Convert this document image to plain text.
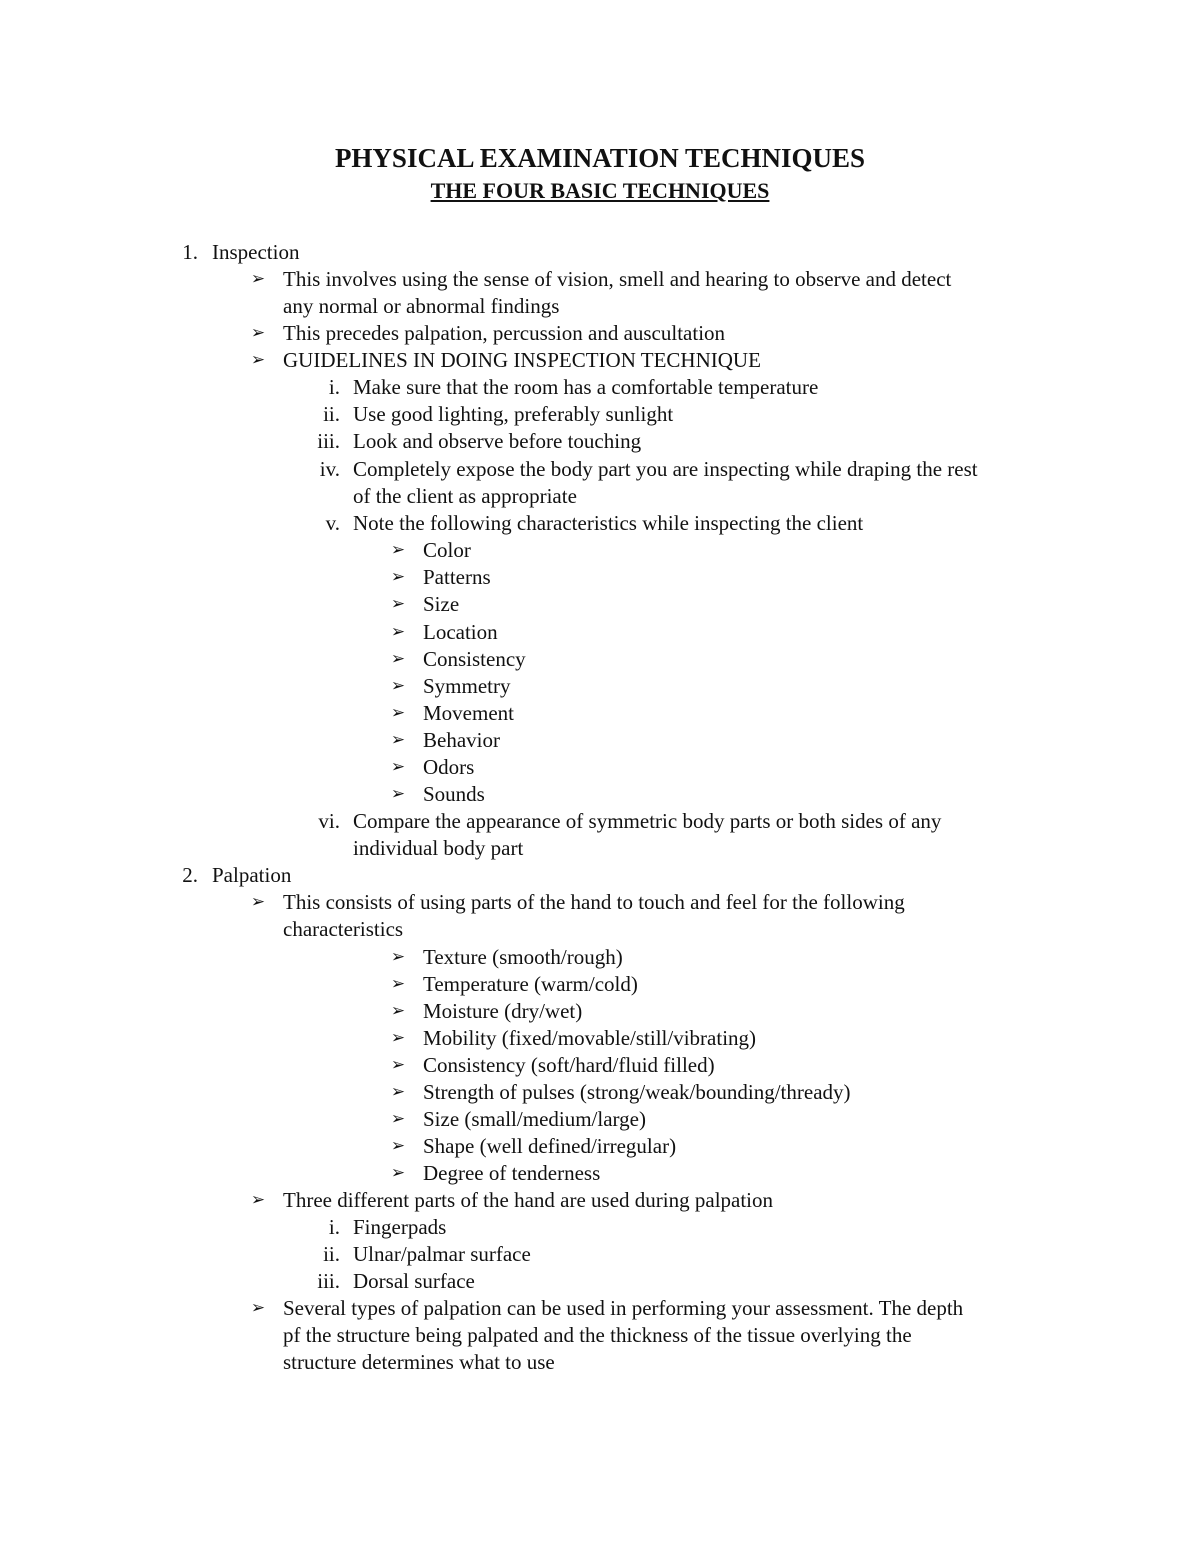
PHYSICAL EXAMINATION TECHNIQUES
THE FOUR BASIC TECHNIQUES
1. Inspection
➢ This involves using the sense of vision, smell and hearing to observe and detect
any normal or abnormal findings
➢ This precedes palpation, percussion and auscultation
➢ GUIDELINES IN DOING INSPECTION TECHNIQUE
i. Make sure that the room has a comfortable temperature
ii. Use good lighting, preferably sunlight
iii. Look and observe before touching
iv. Completely expose the body part you are inspecting while draping the rest
of the client as appropriate
v. Note the following characteristics while inspecting the client
➢ Color
➢ Patterns
➢ Size
➢ Location
➢ Consistency
➢ Symmetry
➢ Movement
➢ Behavior
➢ Odors
➢ Sounds
vi. Compare the appearance of symmetric body parts or both sides of any
individual body part
2. Palpation
➢ This consists of using parts of the hand to touch and feel for the following
characteristics
➢ Texture (smooth/rough)
➢ Temperature (warm/cold)
➢ Moisture (dry/wet)
➢ Mobility (fixed/movable/still/vibrating)
➢ Consistency (soft/hard/fluid filled)
➢ Strength of pulses (strong/weak/bounding/thready)
➢ Size (small/medium/large)
➢ Shape (well defined/irregular)
➢ Degree of tenderness
➢ Three different parts of the hand are used during palpation
i. Fingerpads
ii. Ulnar/palmar surface
iii. Dorsal surface
➢ Several types of palpation can be used in performing your assessment. The depth
pf the structure being palpated and the thickness of the tissue overlying the
structure determines what to use
